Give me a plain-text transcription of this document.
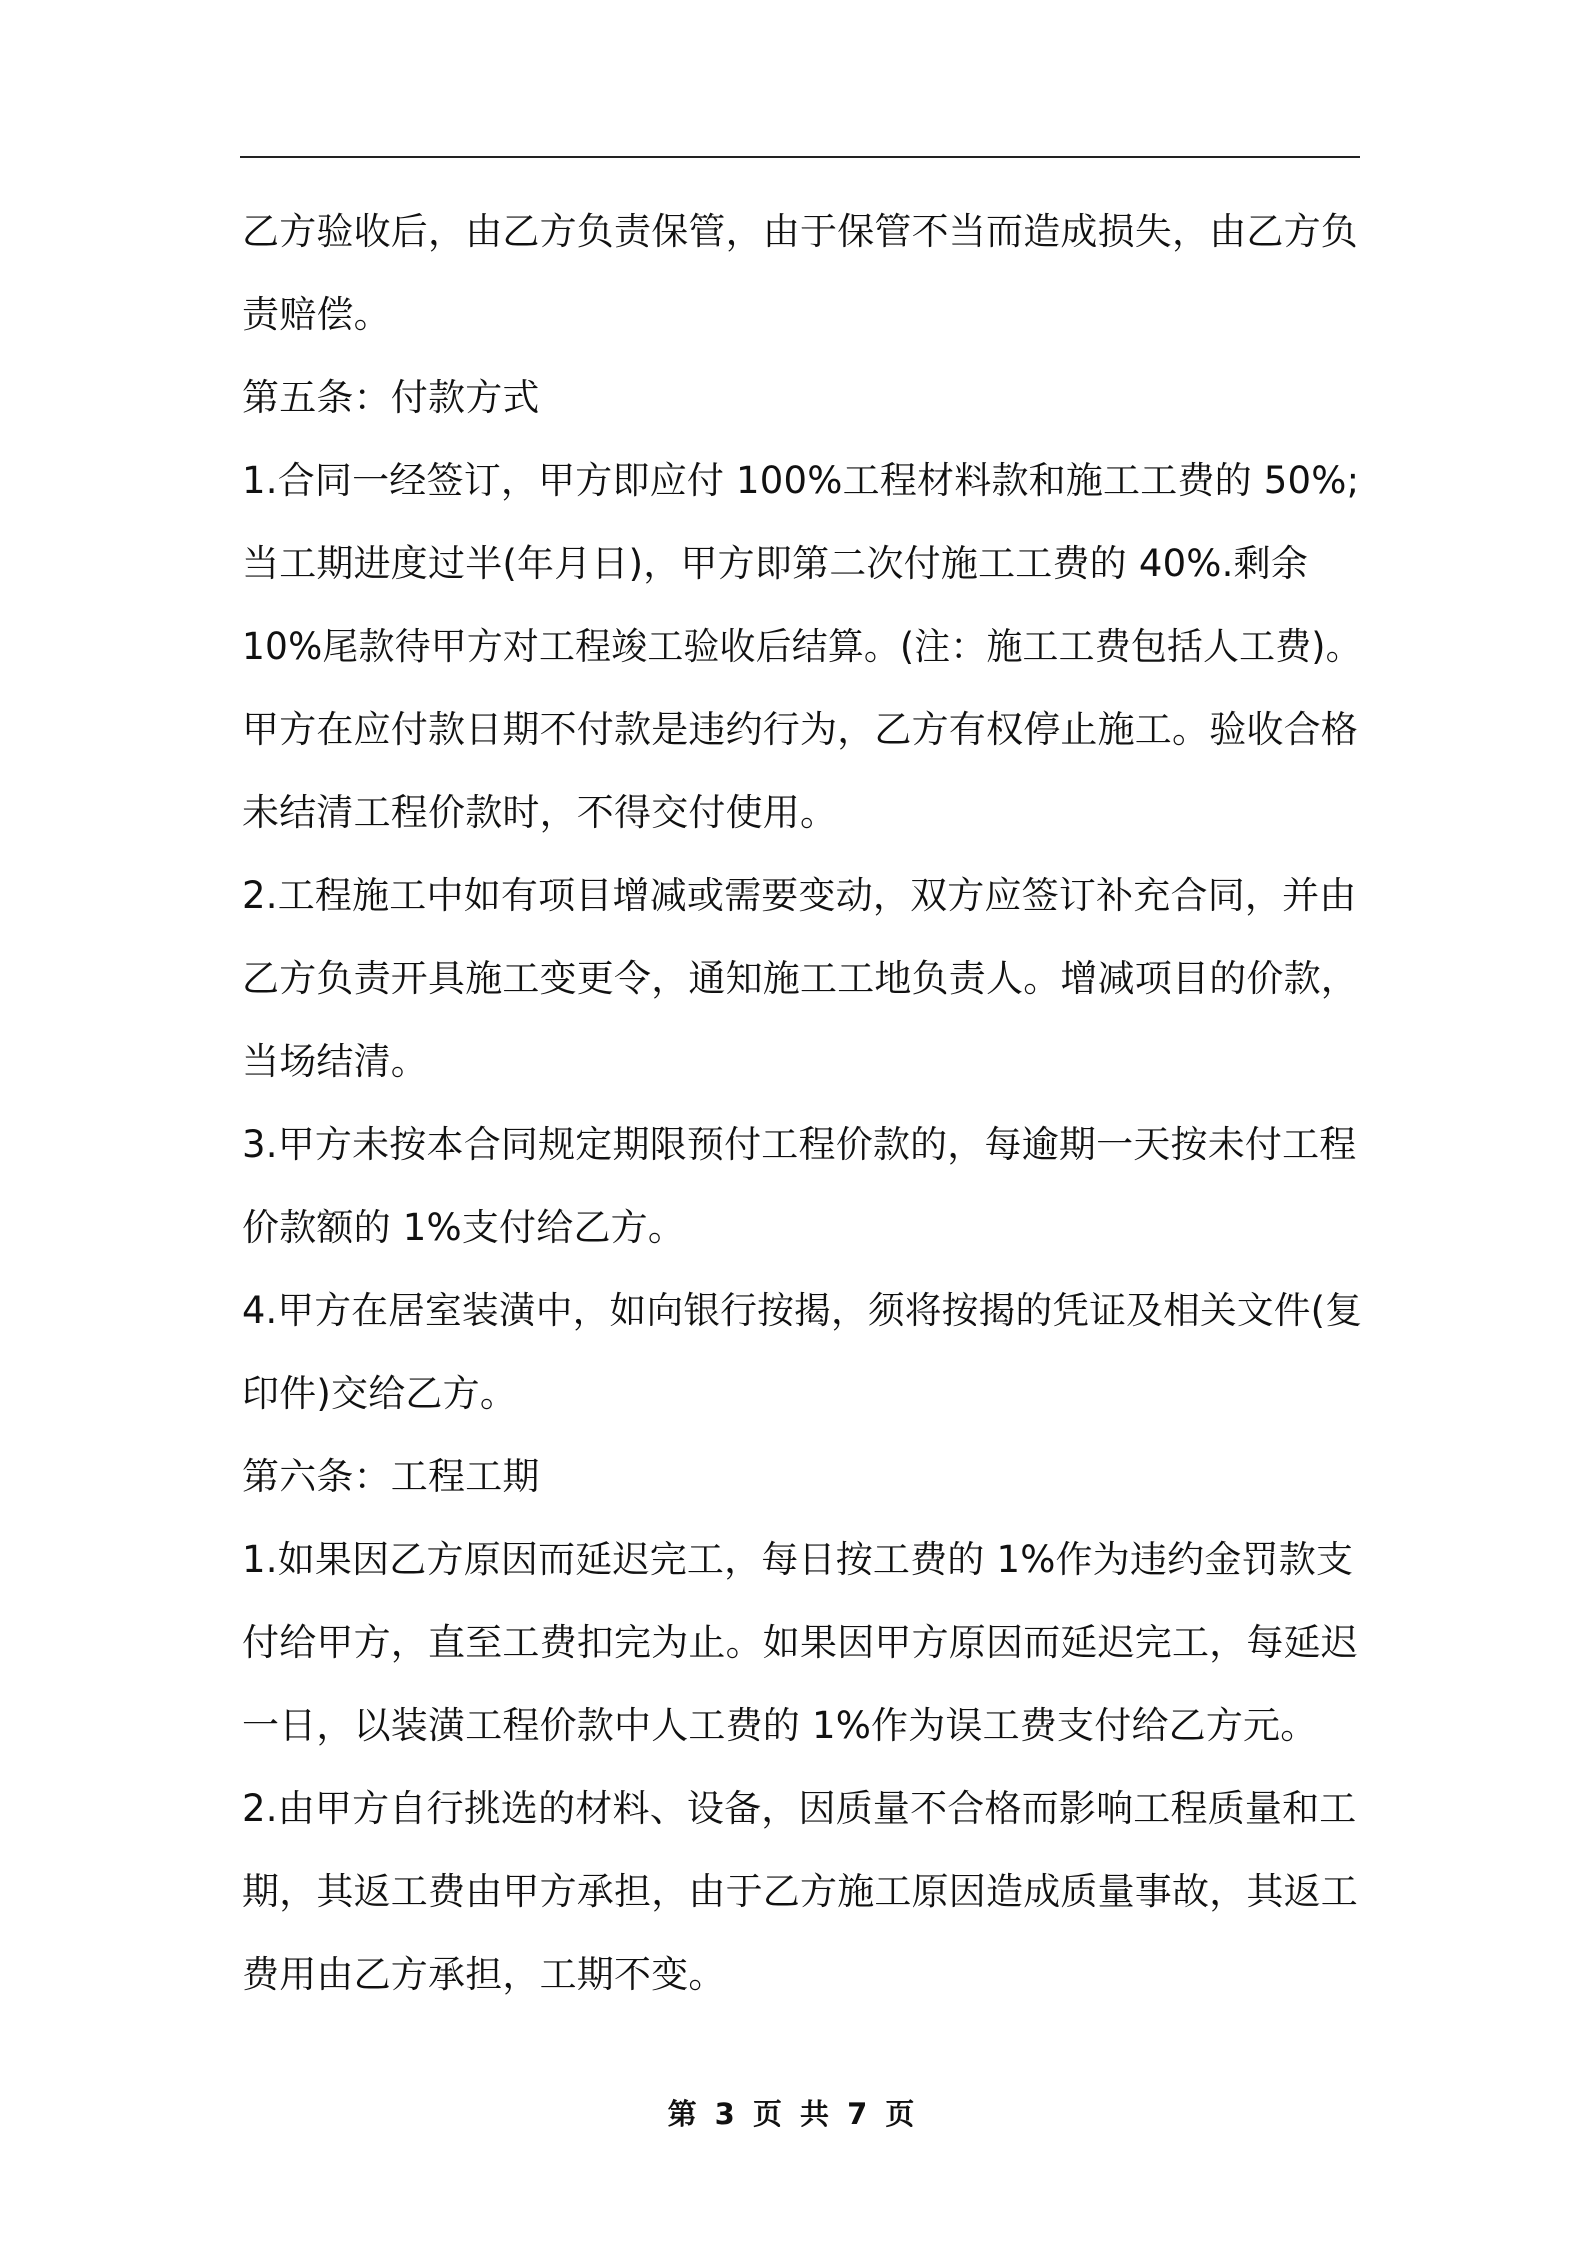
乙方验收后，由乙方负责保管，由于保管不当而造成损失，由乙方负
责赔偿。

第五条：付款方式

1.合同一经签订，甲方即应付 100%工程材料款和施工工费的 50%;
当工期进度过半(年月日)，甲方即第二次付施工工费的 40%.剩余
10%尾款待甲方对工程竣工验收后结算。(注：施工工费包括人工费)。
甲方在应付款日期不付款是违约行为，乙方有权停止施工。验收合格
未结清工程价款时，不得交付使用。

2.工程施工中如有项目增减或需要变动，双方应签订补充合同，并由
乙方负责开具施工变更令，通知施工工地负责人。增减项目的价款，
当场结清。

3.甲方未按本合同规定期限预付工程价款的，每逾期一天按未付工程
价款额的 1%支付给乙方。

4.甲方在居室装潢中，如向银行按揭，须将按揭的凭证及相关文件(复
印件)交给乙方。

第六条：工程工期

1.如果因乙方原因而延迟完工，每日按工费的 1%作为违约金罚款支
付给甲方，直至工费扣完为止。如果因甲方原因而延迟完工，每延迟
一日，以装潢工程价款中人工费的 1%作为误工费支付给乙方元。

2.由甲方自行挑选的材料、设备，因质量不合格而影响工程质量和工
期，其返工费由甲方承担，由于乙方施工原因造成质量事故，其返工
费用由乙方承担，工期不变。

第 3 页 共 7 页
